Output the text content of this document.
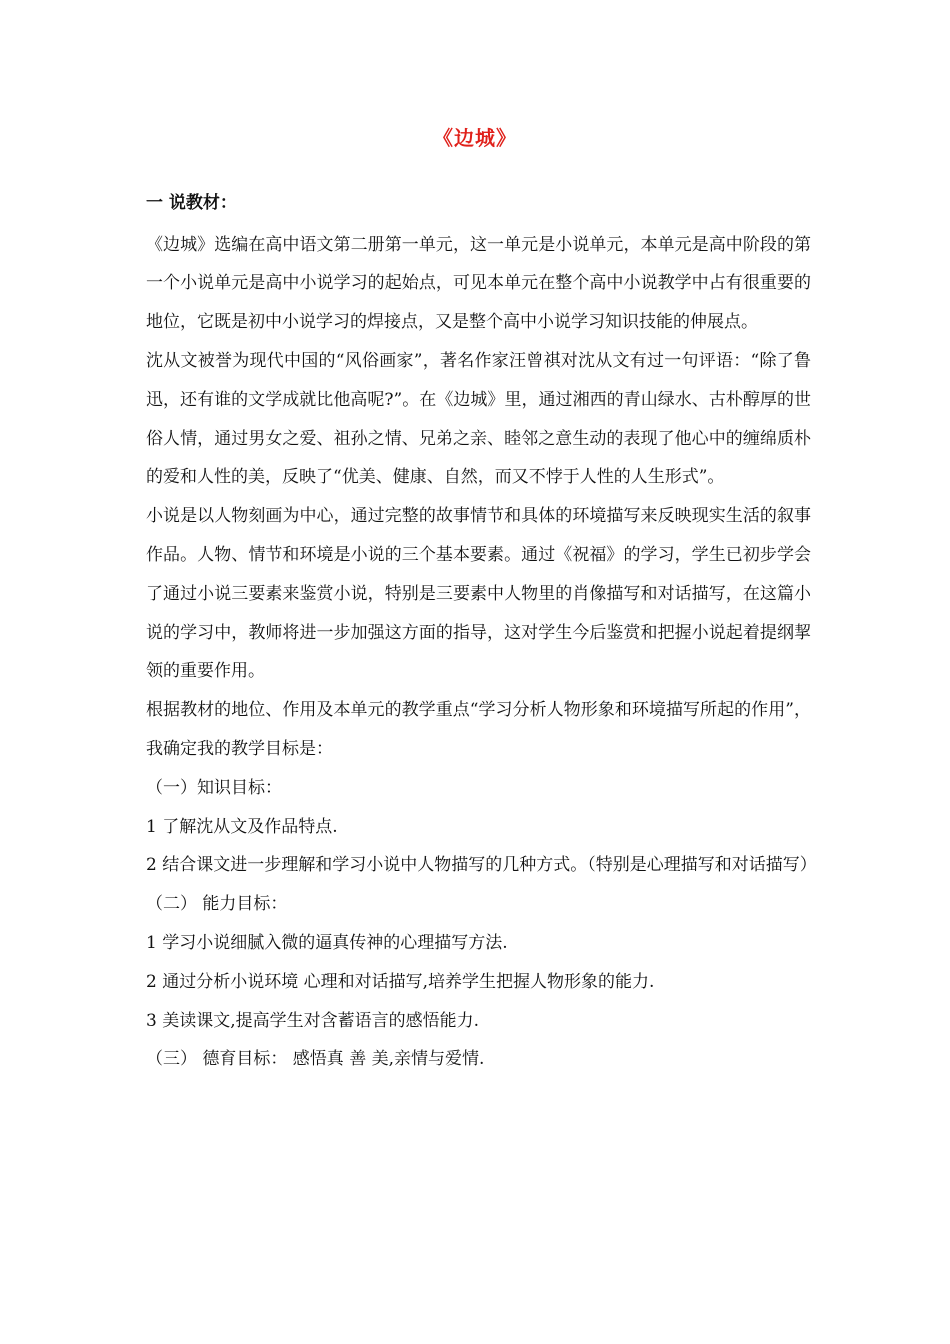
《边城》
一 说教材：

《边城》选编在高中语文第二册第一单元，这一单元是小说单元，本单元是高中阶段的第一个小说单元是高中小说学习的起始点，可见本单元在整个高中小说教学中占有很重要的地位，它既是初中小说学习的焊接点，又是整个高中小说学习知识技能的伸展点。

沈从文被誉为现代中国的“风俗画家”，著名作家汪曾祺对沈从文有过一句评语：“除了鲁迅，还有谁的文学成就比他高呢?”。在《边城》里，通过湘西的青山绿水、古朴醇厚的世俗人情，通过男女之爱、祖孙之情、兄弟之亲、睦邻之意生动的表现了他心中的缠绵质朴的爱和人性的美，反映了“优美、健康、自然，而又不悖于人性的人生形式”。

小说是以人物刻画为中心，通过完整的故事情节和具体的环境描写来反映现实生活的叙事作品。人物、情节和环境是小说的三个基本要素。通过《祝福》的学习，学生已初步学会了通过小说三要素来鉴赏小说，特别是三要素中人物里的肖像描写和对话描写，在这篇小说的学习中，教师将进一步加强这方面的指导，这对学生今后鉴赏和把握小说起着提纲挈领的重要作用。

根据教材的地位、作用及本单元的教学重点“学习分析人物形象和环境描写所起的作用”，我确定我的教学目标是：

（一）知识目标：

1 了解沈从文及作品特点.

2 结合课文进一步理解和学习小说中人物描写的几种方式。（特别是心理描写和对话描写）

（二） 能力目标：

1 学习小说细腻入微的逼真传神的心理描写方法.

2 通过分析小说环境 心理和对话描写,培养学生把握人物形象的能力.

3 美读课文,提高学生对含蓄语言的感悟能力.

（三） 德育目标： 感悟真 善 美,亲情与爱情.
